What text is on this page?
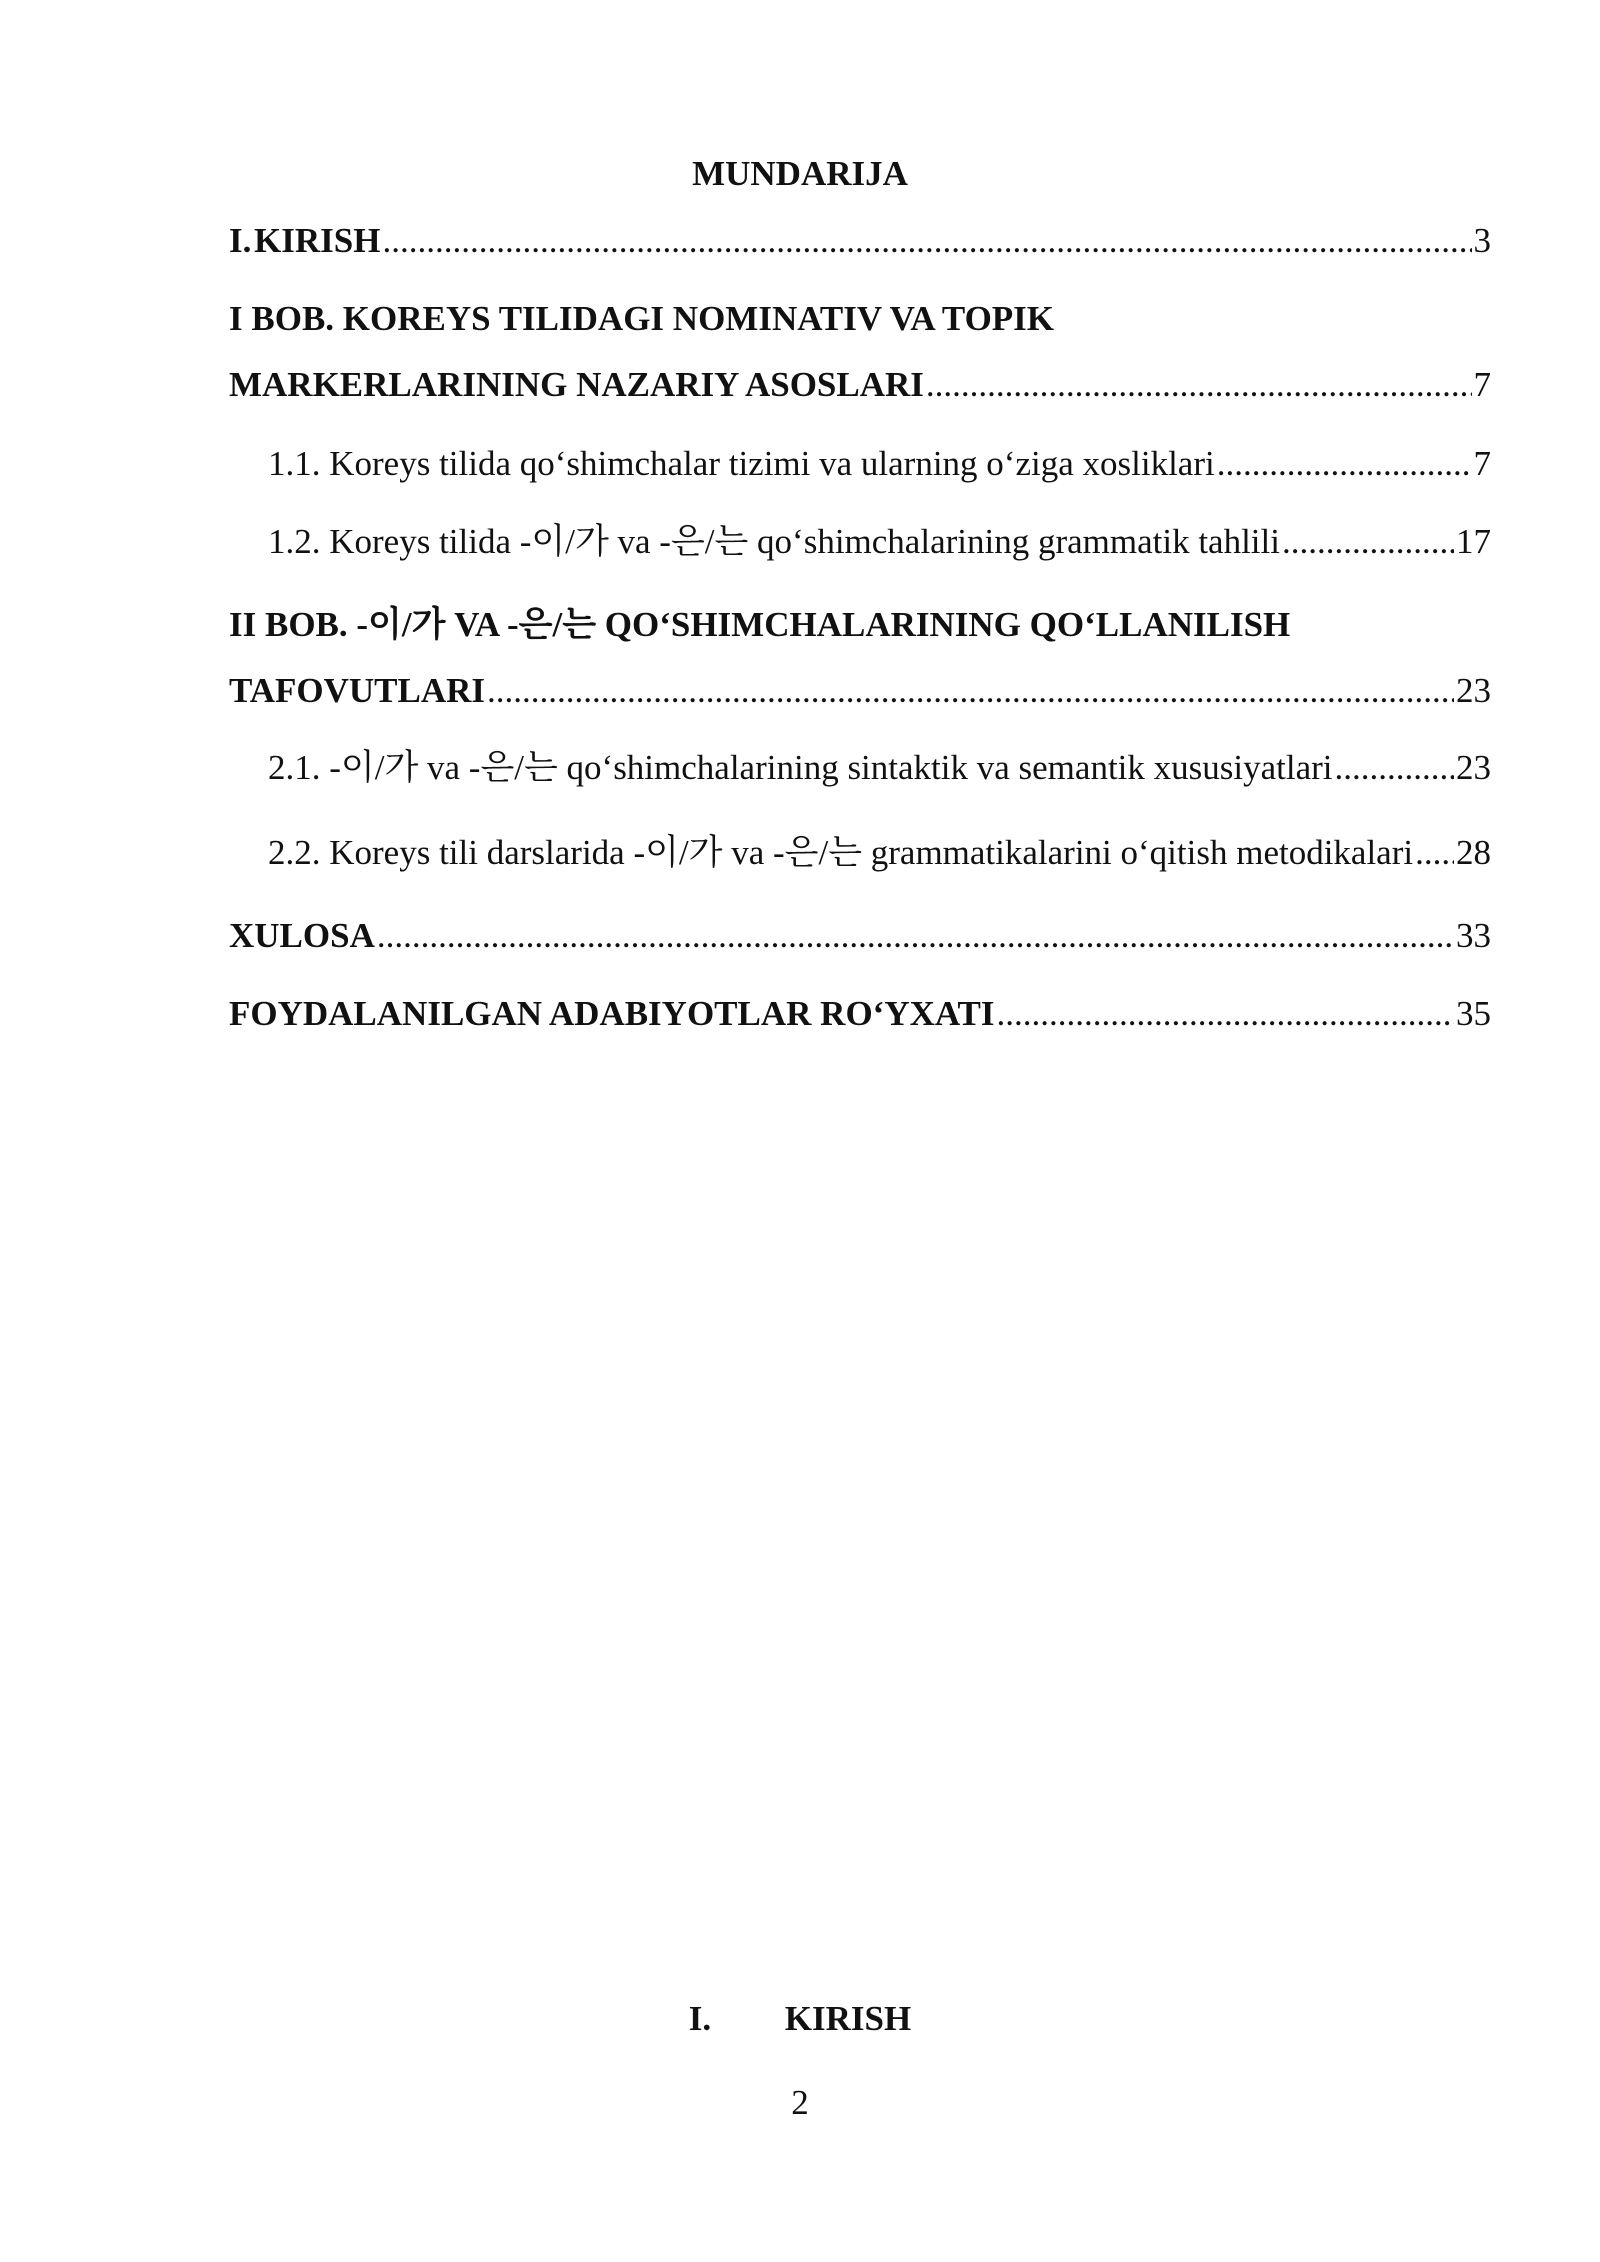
MUNDARIJA
I. KIRISH .....	3
I BOB. KOREYS TILIDAGI NOMINATIV VA TOPIK
MARKERLARINING NAZARIY ASOSLARI .....	7
1.1. Koreys tilida qo‘shimchalar tizimi va ularning o‘ziga xosliklari .....	7
1.2. Koreys tilida -이/가 va -은/는 qo‘shimchalarining grammatik tahlili .....	17
II BOB. -이/가 VA -은/는 QO‘SHIMCHALARINING QO‘LLANILISH
TAFOVUTLARI .....	23
2.1. -이/가 va -은/는 qo‘shimchalarining sintaktik va semantik xususiyatlari .....	23
2.2. Koreys tili darslarida -이/가 va -은/는 grammatikalarini o‘qitish metodikalari ..... 28
XULOSA .....	33
FOYDALANILGAN ADABIYOTLAR RO‘YXATI .....	35
I. KIRISH
2
